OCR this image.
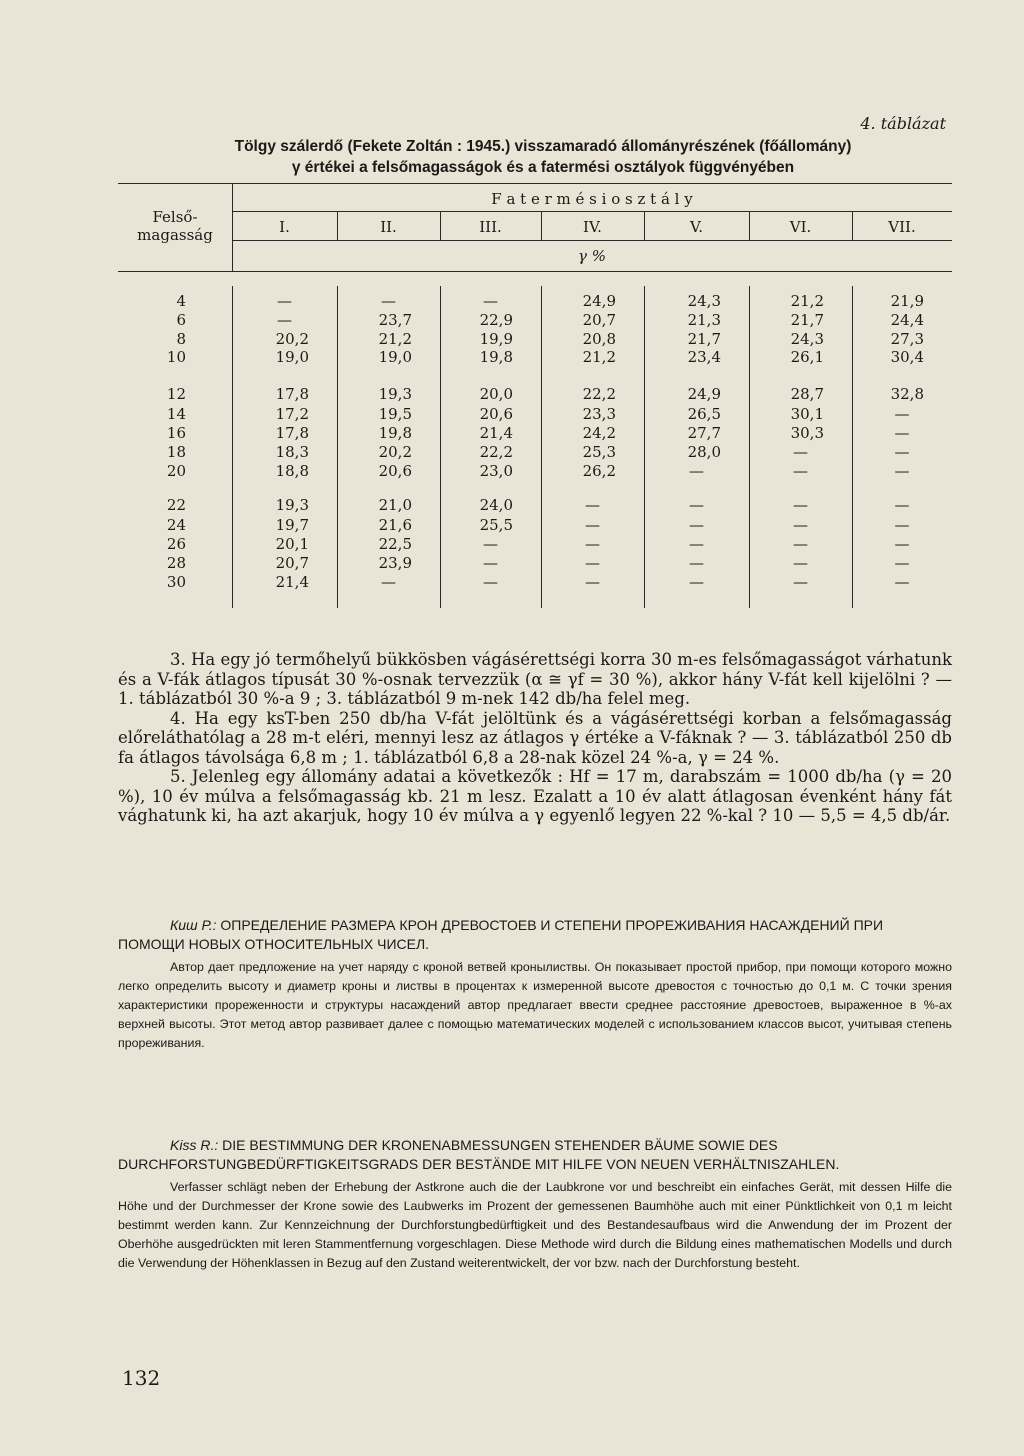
4. táblázat
Tölgy szálerdő (Fekete Zoltán : 1945.) visszamaradó állományrészének (főállomány)
γ értékei a felsőmagasságok és a fatermési osztályok függvényében
Felső- magasság
F a t e r m é s i o s z t á l y
γ %
I.	II.	III.	IV.	V.	VI.	VII.
4	—	—	—	24,9	24,3	21,2	21,9
6	—	23,7	22,9	20,7	21,3	21,7	24,4
8	20,2	21,2	19,9	20,8	21,7	24,3	27,3
10	19,0	19,0	19,8	21,2	23,4	26,1	30,4
12	17,8	19,3	20,0	22,2	24,9	28,7	32,8
14	17,2	19,5	20,6	23,3	26,5	30,1	—
16	17,8	19,8	21,4	24,2	27,7	30,3	—
18	18,3	20,2	22,2	25,3	28,0	—	—
20	18,8	20,6	23,0	26,2	—	—	—
22	19,3	21,0	24,0	—	—	—	—
24	19,7	21,6	25,5	—	—	—	—
26	20,1	22,5	—	—	—	—	—
28	20,7	23,9	—	—	—	—	—
30	21,4	—	—	—	—	—	—

3. Ha egy jó termőhelyű bükkösben vágásérettségi korra 30 m-es felsőmagasságot várhatunk és a V-fák átlagos típusát 30 %-osnak tervezzük (α ≅ γf = 30 %), akkor hány V-fát kell kijelölni ? — 1. táblázatból 30 %-a 9 ; 3. táblázatból 9 m-nek 142 db/ha felel meg.

4. Ha egy ksT-ben 250 db/ha V-fát jelöltünk és a vágásérettségi korban a felsőmagasság előreláthatólag a 28 m-t eléri, mennyi lesz az átlagos γ értéke a V-fáknak ? — 3. táblázatból 250 db fa átlagos távolsága 6,8 m ; 1. táblázatból 6,8 a 28-nak közel 24 %-a, γ = 24 %.

5. Jelenleg egy állomány adatai a következők : Hf = 17 m, darabszám = 1000 db/ha (γ = 20 %), 10 év múlva a felsőmagasság kb. 21 m lesz. Ezalatt a 10 év alatt átlagosan évenként hány fát vághatunk ki, ha azt akarjuk, hogy 10 év múlva a γ egyenlő legyen 22 %-kal ? 10 — 5,5 = 4,5 db/ár.

Киш Р.: ОПРЕДЕЛЕНИЕ РАЗМЕРА КРОН ДРЕВОСТОЕВ И СТЕПЕНИ ПРОРЕЖИВАНИЯ НАСАЖДЕНИЙ ПРИ ПОМОЩИ НОВЫХ ОТНОСИТЕЛЬНЫХ ЧИСЕЛ.
Автор дает предложение на учет наряду с кроной ветвей кронылиствы. Он показывает простой прибор, при помощи которого можно легко определить высоту и диаметр кроны и листвы в процентах к измеренной высоте древостоя с точностью до 0,1 м. С точки зрения характеристики прореженности и структуры насаждений автор предлагает ввести среднее расстояние древостоев, выраженное в %-ах верхней высоты. Этот метод автор развивает далее с помощью математических моделей с использованием классов высот, учитывая степень прореживания.
Kiss R.: DIE BESTIMMUNG DER KRONENABMESSUNGEN STEHENDER BÄUME SOWIE DES DURCHFORSTUNGBEDÜRFTIGKEITSGRADS DER BESTÄNDE MIT HILFE VON NEUEN VERHÄLTNISZAHLEN.
Verfasser schlägt neben der Erhebung der Astkrone auch die der Laubkrone vor und beschreibt ein einfaches Gerät, mit dessen Hilfe die Höhe und der Durchmesser der Krone sowie des Laubwerks im Prozent der gemessenen Baumhöhe auch mit einer Pünktlichkeit von 0,1 m leicht bestimmt werden kann. Zur Kennzeichnung der Durchforstungbedürftigkeit und des Bestandesaufbaus wird die Anwendung der im Prozent der Oberhöhe ausgedrückten mit leren Stammentfernung vorgeschlagen. Diese Methode wird durch die Bildung eines mathematischen Modells und durch die Verwendung der Höhenklassen in Bezug auf den Zustand weiterentwickelt, der vor bzw. nach der Durchforstung besteht.
132
